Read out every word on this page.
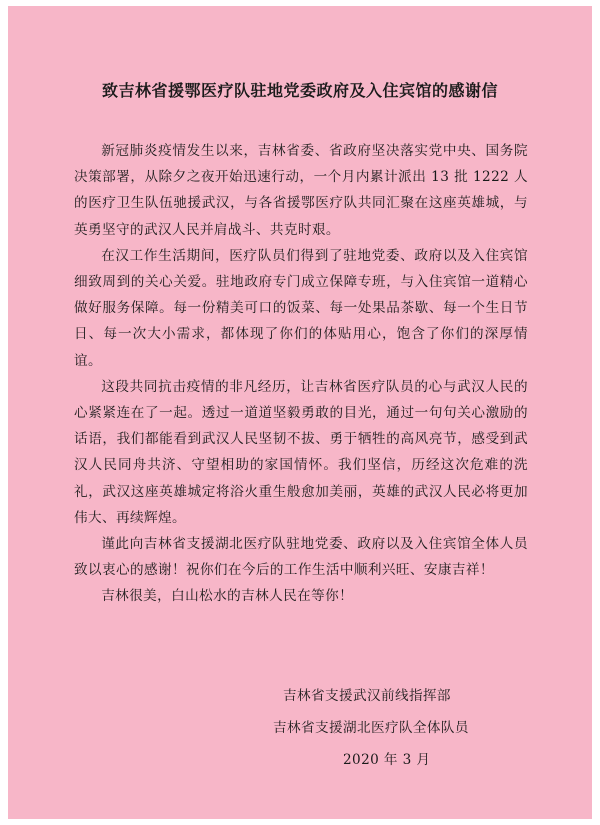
致吉林省援鄂医疗队驻地党委政府及入住宾馆的感谢信

新冠肺炎疫情发生以来，吉林省委、省政府坚决落实党中央、国务院决策部署，从除夕之夜开始迅速行动，一个月内累计派出 13 批 1222 人的医疗卫生队伍驰援武汉，与各省援鄂医疗队共同汇聚在这座英雄城，与英勇坚守的武汉人民并肩战斗、共克时艰。

在汉工作生活期间，医疗队员们得到了驻地党委、政府以及入住宾馆细致周到的关心关爱。驻地政府专门成立保障专班，与入住宾馆一道精心做好服务保障。每一份精美可口的饭菜、每一处果品茶歇、每一个生日节日、每一次大小需求，都体现了你们的体贴用心，饱含了你们的深厚情谊。

这段共同抗击疫情的非凡经历，让吉林省医疗队员的心与武汉人民的心紧紧连在了一起。透过一道道坚毅勇敢的目光，通过一句句关心激励的话语，我们都能看到武汉人民坚韧不拔、勇于牺牲的高风亮节，感受到武汉人民同舟共济、守望相助的家国情怀。我们坚信，历经这次危难的洗礼，武汉这座英雄城定将浴火重生般愈加美丽，英雄的武汉人民必将更加伟大、再续辉煌。

谨此向吉林省支援湖北医疗队驻地党委、政府以及入住宾馆全体人员致以衷心的感谢！祝你们在今后的工作生活中顺利兴旺、安康吉祥！

吉林很美，白山松水的吉林人民在等你！

吉林省支援武汉前线指挥部
吉林省支援湖北医疗队全体队员
2020 年 3 月
